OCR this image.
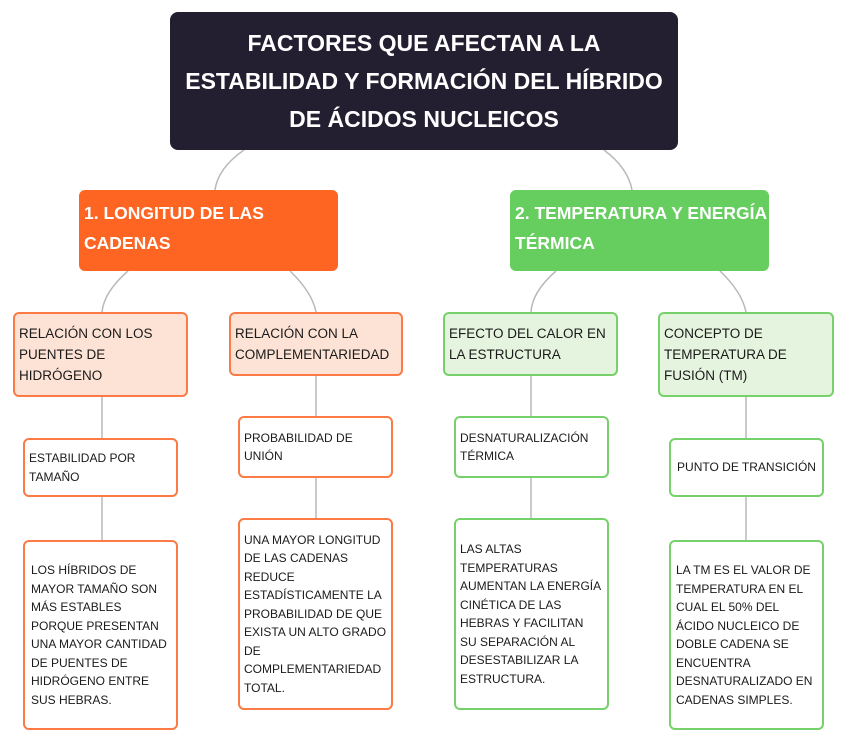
FACTORES QUE AFECTAN A LA ESTABILIDAD Y FORMACIÓN DEL HÍBRIDO DE ÁCIDOS NUCLEICOS
1. LONGITUD DE LAS CADENAS
RELACIÓN CON LOS PUENTES DE HIDRÓGENO
ESTABILIDAD POR TAMAÑO
LOS HÍBRIDOS DE MAYOR TAMAÑO SON MÁS ESTABLES PORQUE PRESENTAN UNA MAYOR CANTIDAD DE PUENTES DE HIDRÓGENO ENTRE SUS HEBRAS.
RELACIÓN CON LA COMPLEMENTARIEDAD
PROBABILIDAD DE UNIÓN
UNA MAYOR LONGITUD DE LAS CADENAS REDUCE ESTADÍSTICAMENTE LA PROBABILIDAD DE QUE EXISTA UN ALTO GRADO DE COMPLEMENTARIEDAD TOTAL.
2. TEMPERATURA Y ENERGÍA TÉRMICA
EFECTO DEL CALOR EN LA ESTRUCTURA
DESNATURALIZACIÓN TÉRMICA
LAS ALTAS TEMPERATURAS AUMENTAN LA ENERGÍA CINÉTICA DE LAS HEBRAS Y FACILITAN SU SEPARACIÓN AL DESESTABILIZAR LA ESTRUCTURA.
CONCEPTO DE TEMPERATURA DE FUSIÓN (TM)
PUNTO DE TRANSICIÓN
LA TM ES EL VALOR DE TEMPERATURA EN EL CUAL EL 50% DEL ÁCIDO NUCLEICO DE DOBLE CADENA SE ENCUENTRA DESNATURALIZADO EN CADENAS SIMPLES.
